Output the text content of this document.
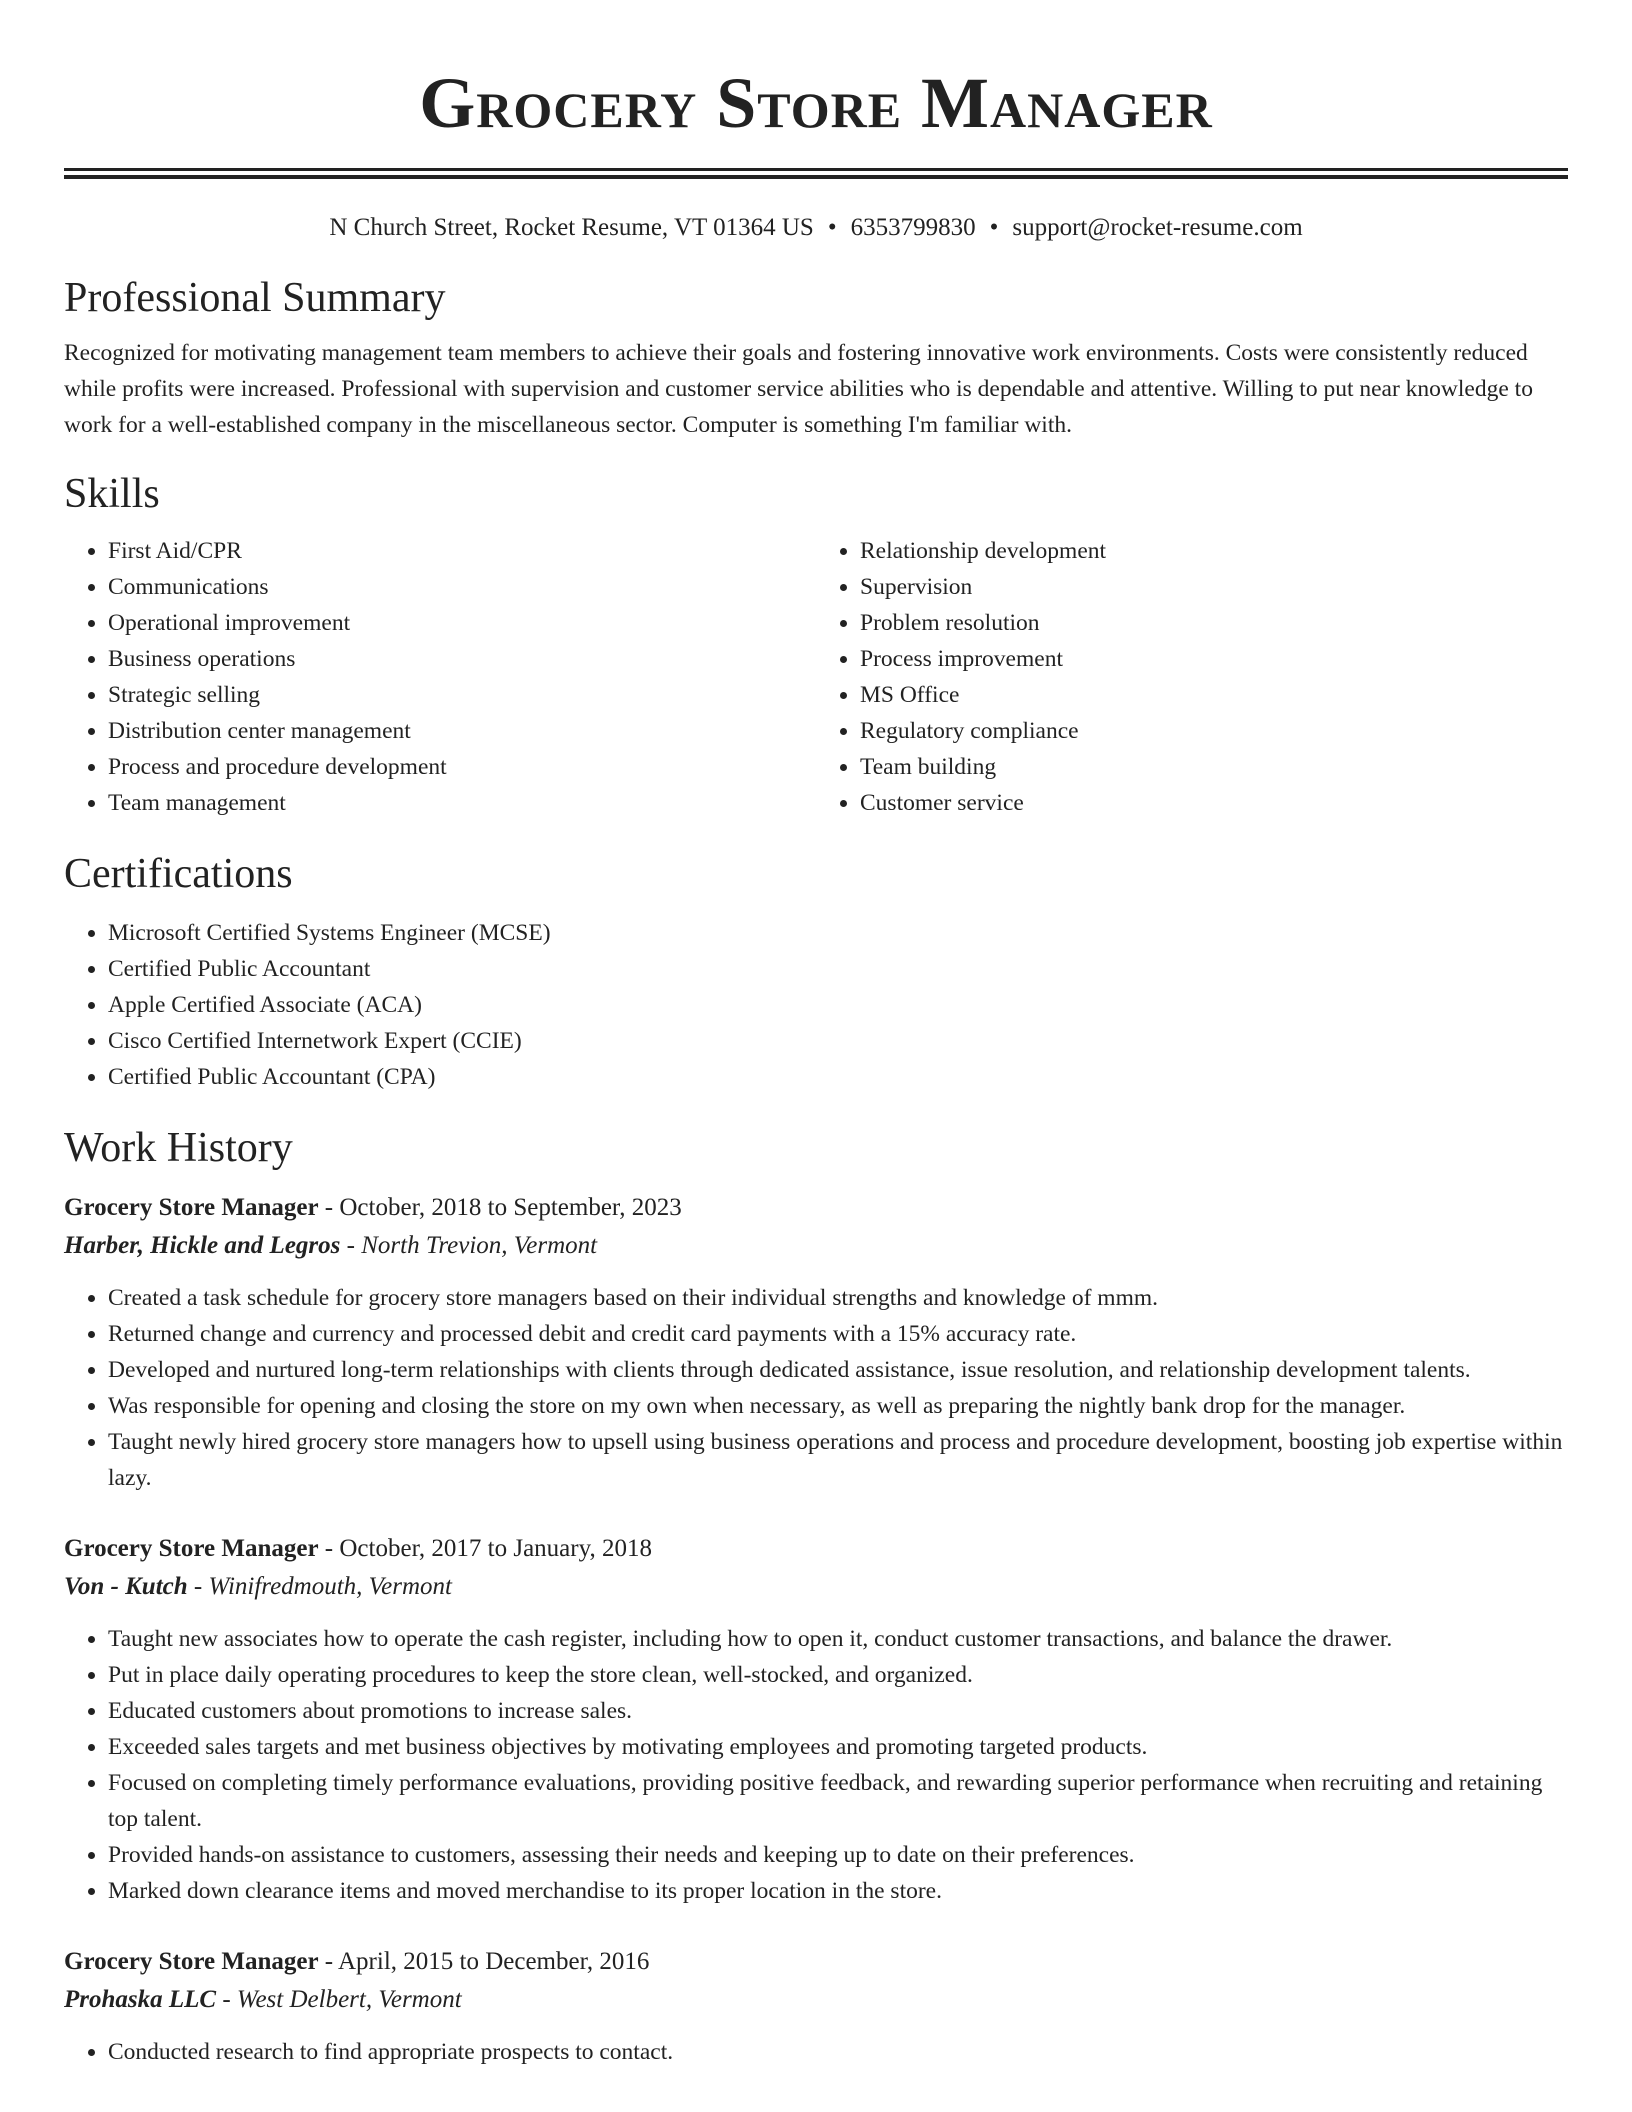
Grocery Store Manager
N Church Street, Rocket Resume, VT 01364 US • 6353799830 • support@rocket-resume.com
Professional Summary

Recognized for motivating management team members to achieve their goals and fostering innovative work environments. Costs were consistently reduced while profits were increased. Professional with supervision and customer service abilities who is dependable and attentive. Willing to put near knowledge to work for a well-established company in the miscellaneous sector. Computer is something I'm familiar with.

Skills
• First Aid/CPR
• Communications
• Operational improvement
• Business operations
• Strategic selling
• Distribution center management
• Process and procedure development
• Team management
• Relationship development
• Supervision
• Problem resolution
• Process improvement
• MS Office
• Regulatory compliance
• Team building
• Customer service
Certifications
• Microsoft Certified Systems Engineer (MCSE)
• Certified Public Accountant
• Apple Certified Associate (ACA)
• Cisco Certified Internetwork Expert (CCIE)
• Certified Public Accountant (CPA)
Work History
Grocery Store Manager - October, 2018 to September, 2023
Harber, Hickle and Legros - North Trevion, Vermont
• Created a task schedule for grocery store managers based on their individual strengths and knowledge of mmm.
• Returned change and currency and processed debit and credit card payments with a 15% accuracy rate.
• Developed and nurtured long-term relationships with clients through dedicated assistance, issue resolution, and relationship development talents.
• Was responsible for opening and closing the store on my own when necessary, as well as preparing the nightly bank drop for the manager.
• Taught newly hired grocery store managers how to upsell using business operations and process and procedure development, boosting job expertise within lazy.
Grocery Store Manager - October, 2017 to January, 2018
Von - Kutch - Winifredmouth, Vermont
• Taught new associates how to operate the cash register, including how to open it, conduct customer transactions, and balance the drawer.
• Put in place daily operating procedures to keep the store clean, well-stocked, and organized.
• Educated customers about promotions to increase sales.
• Exceeded sales targets and met business objectives by motivating employees and promoting targeted products.
• Focused on completing timely performance evaluations, providing positive feedback, and rewarding superior performance when recruiting and retaining top talent.
• Provided hands-on assistance to customers, assessing their needs and keeping up to date on their preferences.
• Marked down clearance items and moved merchandise to its proper location in the store.
Grocery Store Manager - April, 2015 to December, 2016
Prohaska LLC - West Delbert, Vermont
• Conducted research to find appropriate prospects to contact.
